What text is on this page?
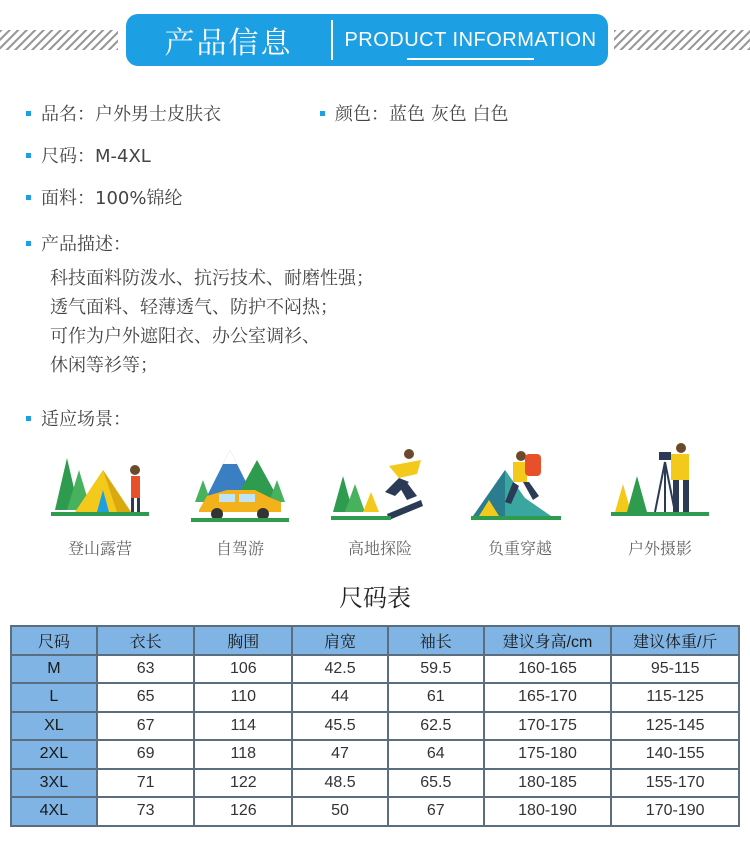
产品信息	PRODUCT INFORMATION
品名：户外男士皮肤衣	颜色：蓝色 灰色 白色
尺码：M-4XL
面料：100%锦纶
产品描述：
科技面料防泼水、抗污技术、耐磨性强；
透气面料、轻薄透气、防护不闷热；
可作为户外遮阳衣、办公室调衫、
休闲等衫等；
适应场景：
登山露营	自驾游	高地探险	负重穿越	户外摄影
尺码表
尺码	衣长	胸围	肩宽	袖长	建议身高/cm	建议体重/斤
M	63	106	42.5	59.5	160-165	95-115
L	65	110	44	61	165-170	115-125
XL	67	114	45.5	62.5	170-175	125-145
2XL	69	118	47	64	175-180	140-155
3XL	71	122	48.5	65.5	180-185	155-170
4XL	73	126	50	67	180-190	170-190
